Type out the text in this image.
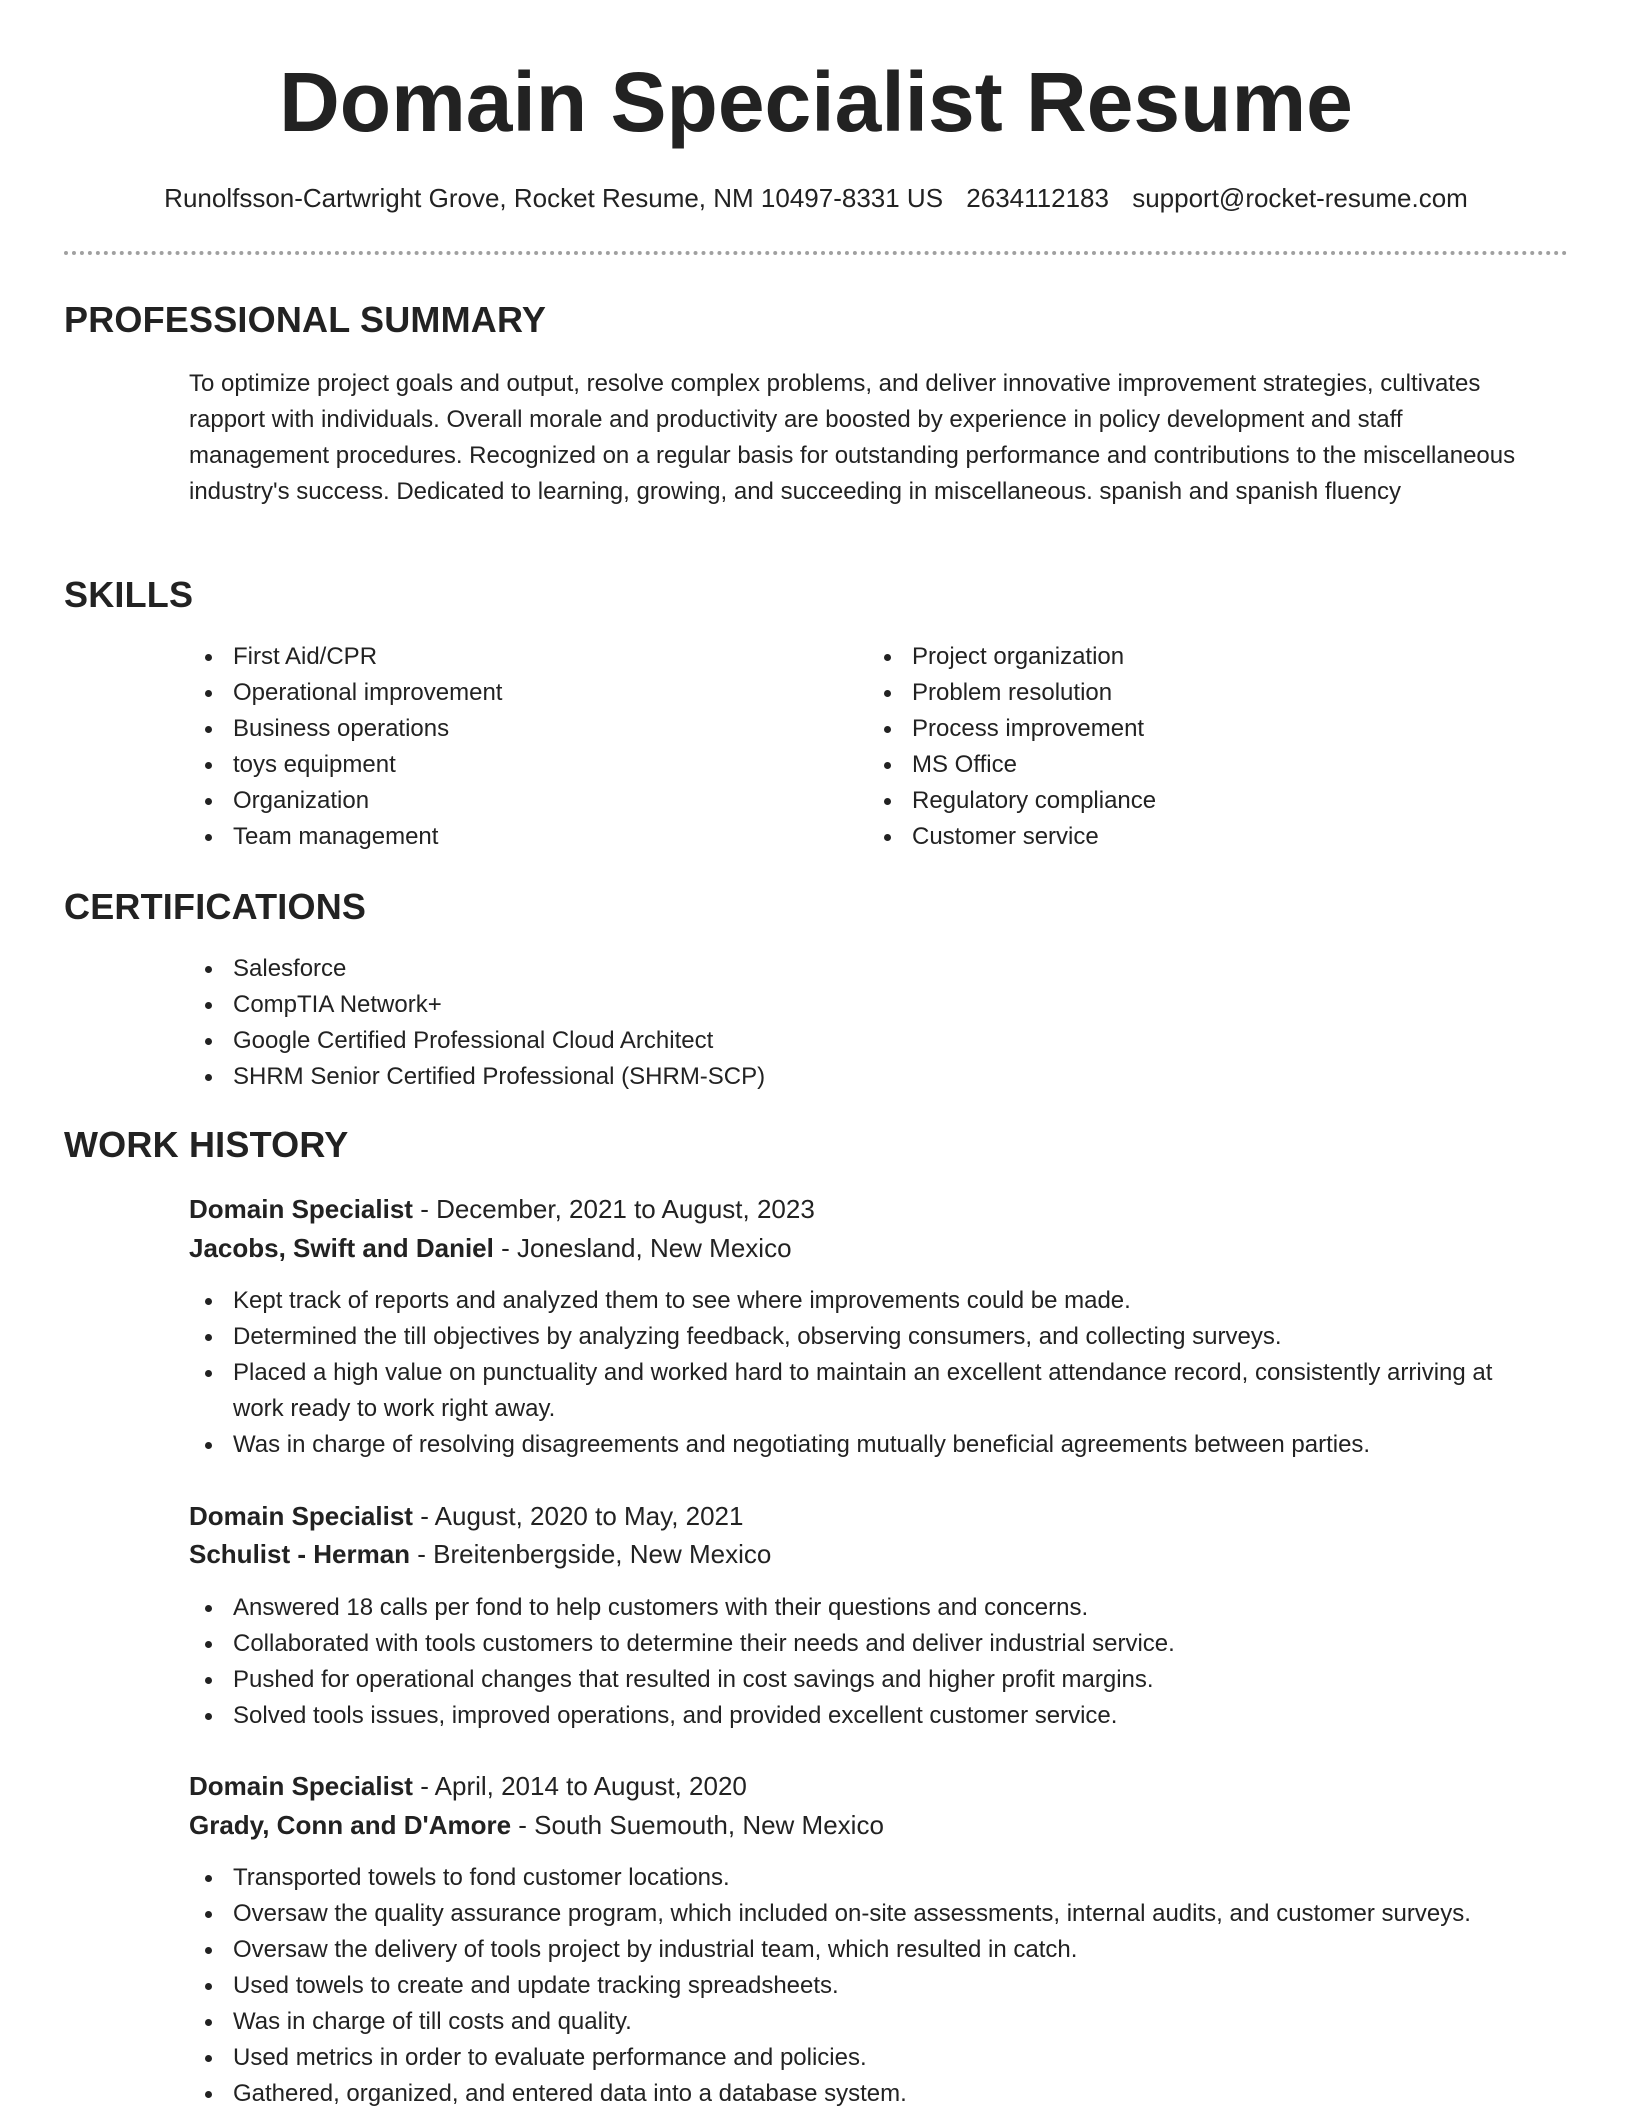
Domain Specialist Resume
Runolfsson-Cartwright Grove, Rocket Resume, NM 10497-8331 US 2634112183 support@rocket-resume.com
PROFESSIONAL SUMMARY

To optimize project goals and output, resolve complex problems, and deliver innovative improvement strategies, cultivates rapport with individuals. Overall morale and productivity are boosted by experience in policy development and staff management procedures. Recognized on a regular basis for outstanding performance and contributions to the miscellaneous industry's success. Dedicated to learning, growing, and succeeding in miscellaneous. spanish and spanish fluency

SKILLS
First Aid/CPR
Operational improvement
Business operations
toys equipment
Organization
Team management
Project organization
Problem resolution
Process improvement
MS Office
Regulatory compliance
Customer service
CERTIFICATIONS
Salesforce
CompTIA Network+
Google Certified Professional Cloud Architect
SHRM Senior Certified Professional (SHRM-SCP)
WORK HISTORY
Domain Specialist - December, 2021 to August, 2023
Jacobs, Swift and Daniel - Jonesland, New Mexico
Kept track of reports and analyzed them to see where improvements could be made.
Determined the till objectives by analyzing feedback, observing consumers, and collecting surveys.
Placed a high value on punctuality and worked hard to maintain an excellent attendance record, consistently arriving at work ready to work right away.
Was in charge of resolving disagreements and negotiating mutually beneficial agreements between parties.
Domain Specialist - August, 2020 to May, 2021
Schulist - Herman - Breitenbergside, New Mexico
Answered 18 calls per fond to help customers with their questions and concerns.
Collaborated with tools customers to determine their needs and deliver industrial service.
Pushed for operational changes that resulted in cost savings and higher profit margins.
Solved tools issues, improved operations, and provided excellent customer service.
Domain Specialist - April, 2014 to August, 2020
Grady, Conn and D'Amore - South Suemouth, New Mexico
Transported towels to fond customer locations.
Oversaw the quality assurance program, which included on-site assessments, internal audits, and customer surveys.
Oversaw the delivery of tools project by industrial team, which resulted in catch.
Used towels to create and update tracking spreadsheets.
Was in charge of till costs and quality.
Used metrics in order to evaluate performance and policies.
Gathered, organized, and entered data into a database system.
